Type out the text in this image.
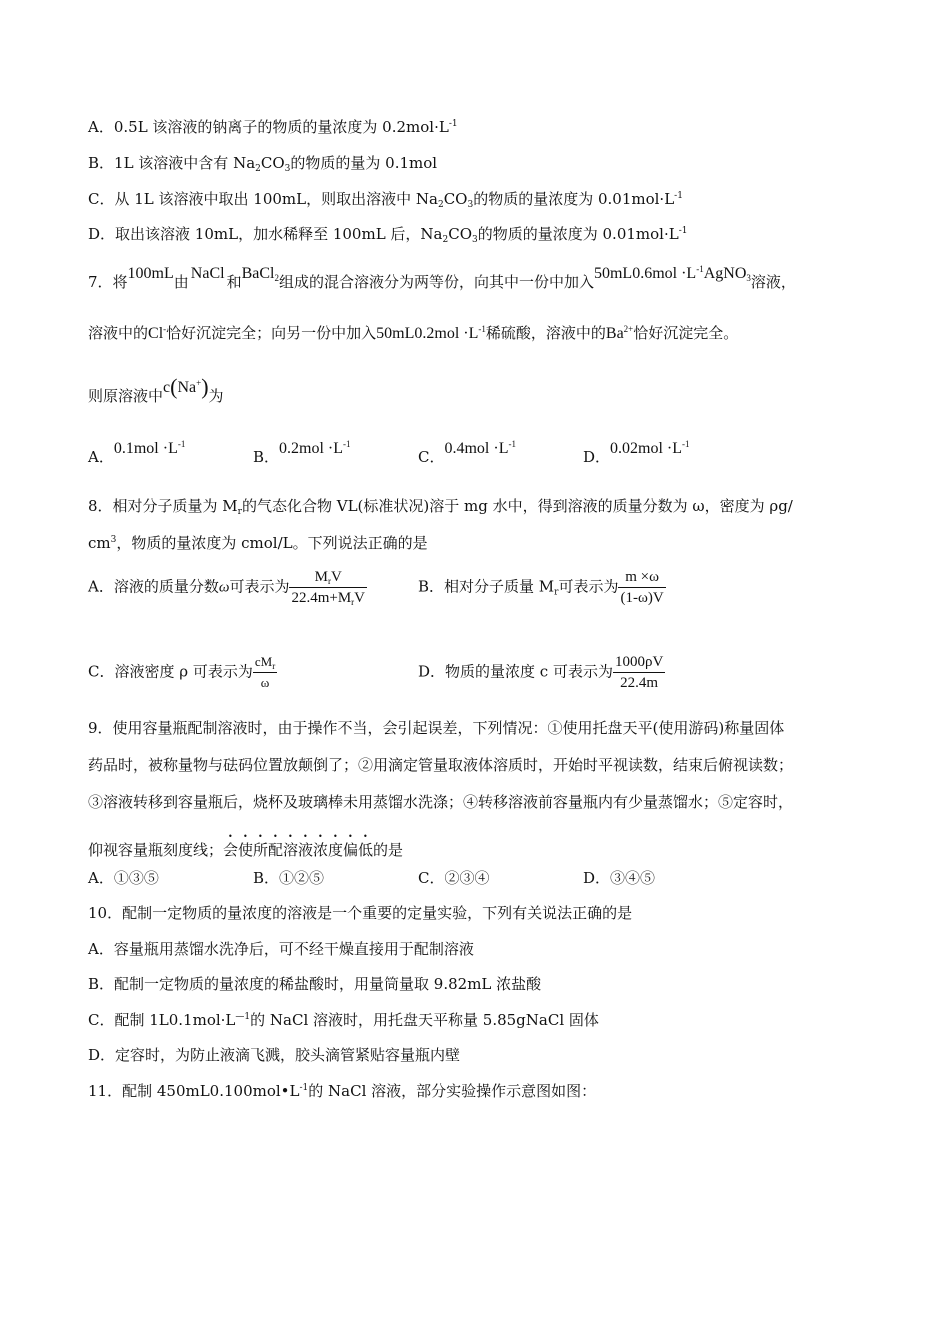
A．0.5L 该溶液的钠离子的物质的量浓度为 $0.2mol\cdot L^{-1}$
B．1L 该溶液中含有 $Na_2CO_3$的物质的量为 0.1mol
C．从 1L 该溶液中取出 100mL，则取出溶液中 $Na_2CO_3$的物质的量浓度为 $0.01mol\cdot L^{-1}$
D．取出该溶液 10mL，加水稀释至 100mL 后，$Na_2CO_3$的物质的量浓度为 $0.01mol\cdot L^{-1}$
7．将100mL由 NaCl 和BaCl$_2$组成的混合溶液分为两等份，向其中一份中加入$50mL0.6mol \cdot L^{-1}AgNO_3$溶液，
溶液中的Cl-恰好沉淀完全；向另一份中加入$50mL0.2mol \cdot L^{-1}$稀硫酸，溶液中的$Ba^{2+}$恰好沉淀完全。
则原溶液中c(Na+)为
A．$0.1mol \cdot L^{-1}$
B．$0.2mol \cdot L^{-1}$
C．$0.4mol \cdot L^{-1}$
D．$0.02mol \cdot L^{-1}$
8．相对分子质量为 $M_r$的气态化合物 VL(标准状况)溶于 mg 水中，得到溶液的质量分数为 ω，密度为 ρg/
$cm^3$，物质的量浓度为 cmol/L。下列说法正确的是
A．溶液的质量分数ω可表示为 $\frac{M_rV}{22.4m+M_rV}$	B．相对分子质量 $M_r$可表示为 $\frac{m \times\omega}{(1-\omega)V}$
C．溶液密度 ρ 可表示为 $\frac{cM_r}{\omega}$	D．物质的量浓度 c 可表示为 $\frac{1000\rho V}{22.4m}$
9．使用容量瓶配制溶液时，由于操作不当，会引起误差，下列情况：①使用托盘天平(使用游码)称量固体
药品时，被称量物与砝码位置放颠倒了；②用滴定管量取液体溶质时，开始时平视读数，结束后俯视读数；
③溶液转移到容量瓶后，烧杯及玻璃棒未用蒸馏水洗涤；④转移溶液前容量瓶内有少量蒸馏水；⑤定容时，
仰视容量瓶刻度线；会使所配溶液浓度偏低的是
A．①③⑤	B．①②⑤	C．②③④	D．③④⑤
10．配制一定物质的量浓度的溶液是一个重要的定量实验，下列有关说法正确的是
A．容量瓶用蒸馏水洗净后，可不经干燥直接用于配制溶液
B．配制一定物质的量浓度的稀盐酸时，用量筒量取 9.82mL 浓盐酸
C．配制 $1L0.1mol\cdot L^{—1}$的 NaCl 溶液时，用托盘天平称量 5.85gNaCl 固体
D．定容时，为防止液滴飞溅，胶头滴管紧贴容量瓶内壁
11．配制 $450mL0.100mol•L^{-1}$的 NaCl 溶液，部分实验操作示意图如图：
